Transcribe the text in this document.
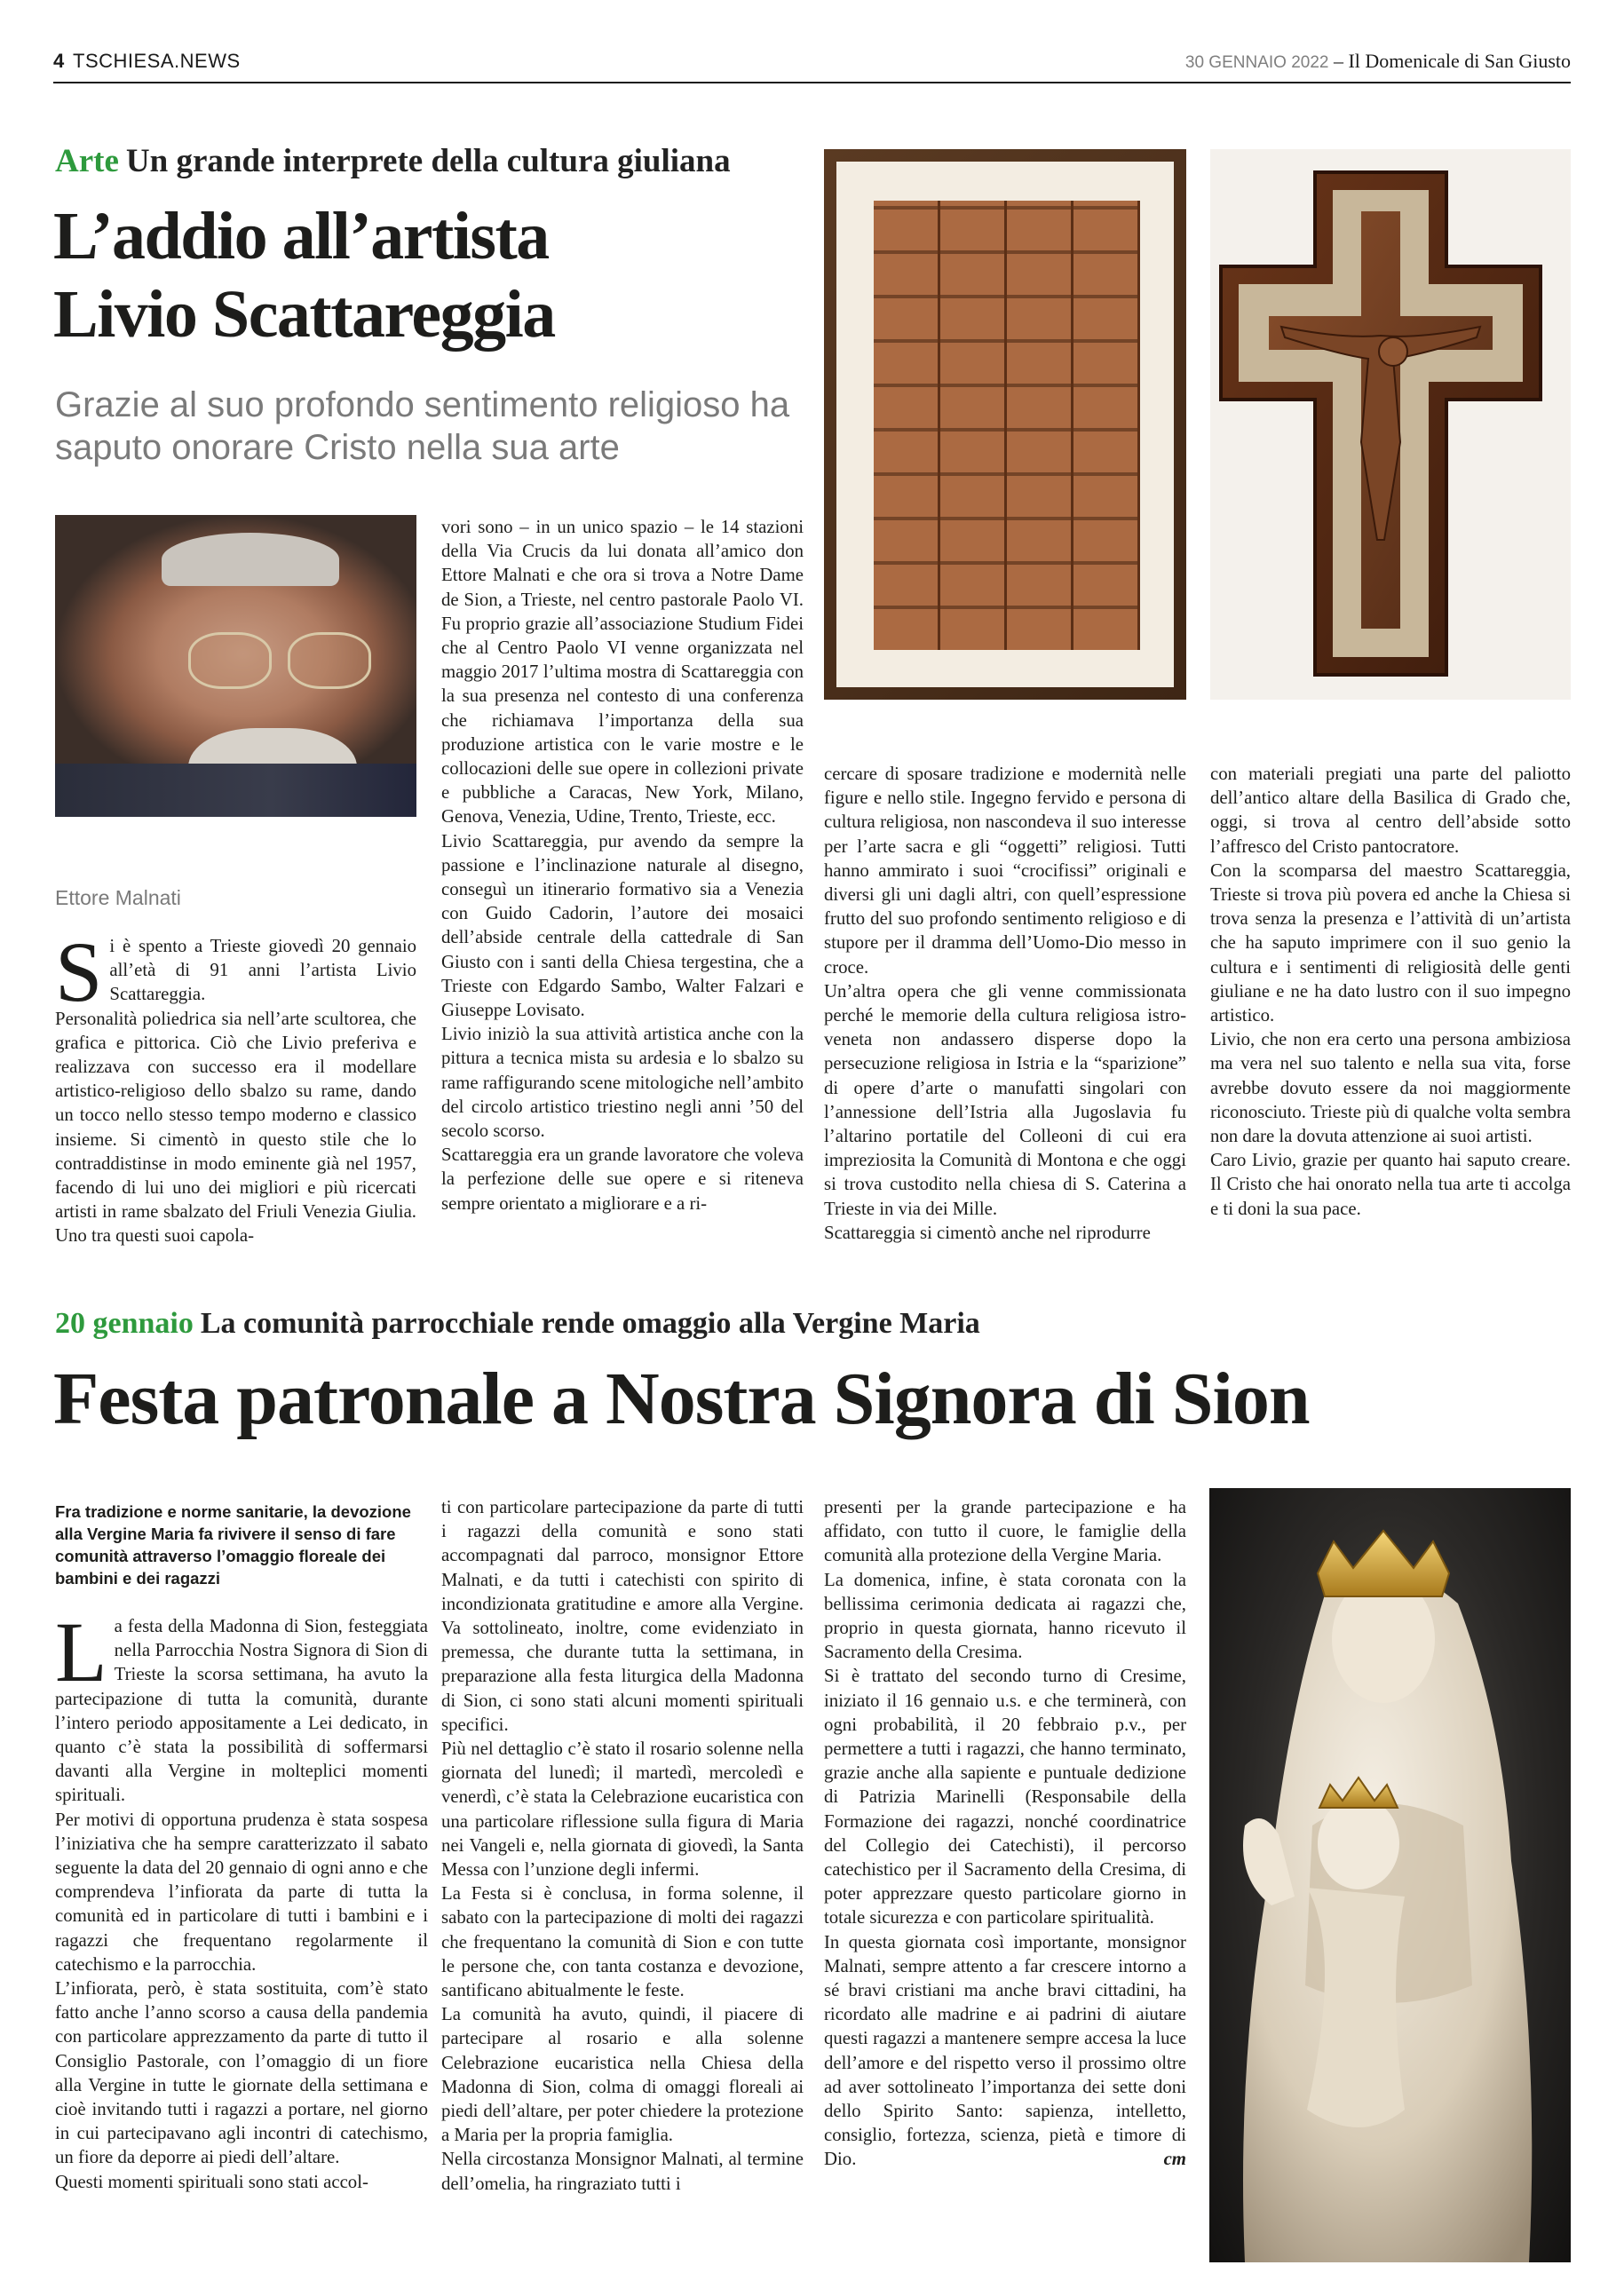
4 TSCHIESA.NEWS	30 GENNAIO 2022 – Il Domenicale di San Giusto
Arte Un grande interprete della cultura giuliana
L’addio all’artista
Livio Scattareggia
Grazie al suo profondo sentimento religioso ha saputo onorare Cristo nella sua arte
Ettore Malnati

Si è spento a Trieste giovedì 20 gennaio all’età di 91 anni l’artista Livio Scattareggia.

Personalità poliedrica sia nell’arte scultorea, che grafica e pittorica. Ciò che Livio preferiva e realizzava con successo era il modellare artistico-religioso dello sbalzo su rame, dando un tocco nello stesso tempo moderno e classico insieme. Si cimentò in questo stile che lo contraddistinse in modo eminente già nel 1957, facendo di lui uno dei migliori e più ricercati artisti in rame sbalzato del Friuli Venezia Giulia. Uno tra questi suoi capola-

vori sono – in un unico spazio – le 14 stazioni della Via Crucis da lui donata all’amico don Ettore Malnati e che ora si trova a Notre Dame de Sion, a Trieste, nel centro pastorale Paolo VI. Fu proprio grazie all’associazione Studium Fidei che al Centro Paolo VI venne organizzata nel maggio 2017 l’ultima mostra di Scattareggia con la sua presenza nel contesto di una conferenza che richiamava l’importanza della sua produzione artistica con le varie mostre e le collocazioni delle sue opere in collezioni private e pubbliche a Caracas, New York, Milano, Genova, Venezia, Udine, Trento, Trieste, ecc.

Livio Scattareggia, pur avendo da sempre la passione e l’inclinazione naturale al disegno, conseguì un itinerario formativo sia a Venezia con Guido Cadorin, l’autore dei mosaici dell’abside centrale della cattedrale di San Giusto con i santi della Chiesa tergestina, che a Trieste con Edgardo Sambo, Walter Falzari e Giuseppe Lovisato.

Livio iniziò la sua attività artistica anche con la pittura a tecnica mista su ardesia e lo sbalzo su rame raffigurando scene mitologiche nell’ambito del circolo artistico triestino negli anni ’50 del secolo scorso.

Scattareggia era un grande lavoratore che voleva la perfezione delle sue opere e si riteneva sempre orientato a migliorare e a ri-

cercare di sposare tradizione e modernità nelle figure e nello stile. Ingegno fervido e persona di cultura religiosa, non nascondeva il suo interesse per l’arte sacra e gli “oggetti” religiosi. Tutti hanno ammirato i suoi “crocifissi” originali e diversi gli uni dagli altri, con quell’espressione frutto del suo profondo sentimento religioso e di stupore per il dramma dell’Uomo-Dio messo in croce.

Un’altra opera che gli venne commissionata perché le memorie della cultura religiosa istro-veneta non andassero disperse dopo la persecuzione religiosa in Istria e la “sparizione” di opere d’arte o manufatti singolari con l’annessione dell’Istria alla Jugoslavia fu l’altarino portatile del Colleoni di cui era impreziosita la Comunità di Montona e che oggi si trova custodito nella chiesa di S. Caterina a Trieste in via dei Mille.

Scattareggia si cimentò anche nel riprodurre

con materiali pregiati una parte del paliotto dell’antico altare della Basilica di Grado che, oggi, si trova al centro dell’abside sotto l’affresco del Cristo pantocratore.

Con la scomparsa del maestro Scattareggia, Trieste si trova più povera ed anche la Chiesa si trova senza la presenza e l’attività di un’artista che ha saputo imprimere con il suo genio la cultura e i sentimenti di religiosità delle genti giuliane e ne ha dato lustro con il suo impegno artistico.

Livio, che non era certo una persona ambiziosa ma vera nel suo talento e nella sua vita, forse avrebbe dovuto essere da noi maggiormente riconosciuto. Trieste più di qualche volta sembra non dare la dovuta attenzione ai suoi artisti.

Caro Livio, grazie per quanto hai saputo creare. Il Cristo che hai onorato nella tua arte ti accolga e ti doni la sua pace.

20 gennaio La comunità parrocchiale rende omaggio alla Vergine Maria
Festa patronale a Nostra Signora di Sion
Fra tradizione e norme sanitarie, la devozione alla Vergine Maria fa rivivere il senso di fare comunità attraverso l’omaggio floreale dei bambini e dei ragazzi

La festa della Madonna di Sion, festeggiata nella Parrocchia Nostra Signora di Sion di Trieste la scorsa settimana, ha avuto la partecipazione di tutta la comunità, durante l’intero periodo appositamente a Lei dedicato, in quanto c’è stata la possibilità di soffermarsi davanti alla Vergine in molteplici momenti spirituali.

Per motivi di opportuna prudenza è stata sospesa l’iniziativa che ha sempre caratterizzato il sabato seguente la data del 20 gennaio di ogni anno e che comprendeva l’infiorata da parte di tutta la comunità ed in particolare di tutti i bambini e i ragazzi che frequentano regolarmente il catechismo e la parrocchia.

L’infiorata, però, è stata sostituita, com’è stato fatto anche l’anno scorso a causa della pandemia con particolare apprezzamento da parte di tutto il Consiglio Pastorale, con l’omaggio di un fiore alla Vergine in tutte le giornate della settimana e cioè invitando tutti i ragazzi a portare, nel giorno in cui partecipavano agli incontri di catechismo, un fiore da deporre ai piedi dell’altare.

Questi momenti spirituali sono stati accol-

ti con particolare partecipazione da parte di tutti i ragazzi della comunità e sono stati accompagnati dal parroco, monsignor Ettore Malnati, e da tutti i catechisti con spirito di incondizionata gratitudine e amore alla Vergine. Va sottolineato, inoltre, come evidenziato in premessa, che durante tutta la settimana, in preparazione alla festa liturgica della Madonna di Sion, ci sono stati alcuni momenti spirituali specifici.

Più nel dettaglio c’è stato il rosario solenne nella giornata del lunedì; il martedì, mercoledì e venerdì, c’è stata la Celebrazione eucaristica con una particolare riflessione sulla figura di Maria nei Vangeli e, nella giornata di giovedì, la Santa Messa con l’unzione degli infermi.

La Festa si è conclusa, in forma solenne, il sabato con la partecipazione di molti dei ragazzi che frequentano la comunità di Sion e con tutte le persone che, con tanta costanza e devozione, santificano abitualmente le feste.

La comunità ha avuto, quindi, il piacere di partecipare al rosario e alla solenne Celebrazione eucaristica nella Chiesa della Madonna di Sion, colma di omaggi floreali ai piedi dell’altare, per poter chiedere la protezione a Maria per la propria famiglia.

Nella circostanza Monsignor Malnati, al termine dell’omelia, ha ringraziato tutti i

presenti per la grande partecipazione e ha affidato, con tutto il cuore, le famiglie della comunità alla protezione della Vergine Maria.

La domenica, infine, è stata coronata con la bellissima cerimonia dedicata ai ragazzi che, proprio in questa giornata, hanno ricevuto il Sacramento della Cresima.

Si è trattato del secondo turno di Cresime, iniziato il 16 gennaio u.s. e che terminerà, con ogni probabilità, il 20 febbraio p.v., per permettere a tutti i ragazzi, che hanno terminato, grazie anche alla sapiente e puntuale dedizione di Patrizia Marinelli (Responsabile della Formazione dei ragazzi, nonché coordinatrice del Collegio dei Catechisti), il percorso catechistico per il Sacramento della Cresima, di poter apprezzare questo particolare giorno in totale sicurezza e con particolare spiritualità.

In questa giornata così importante, monsignor Malnati, sempre attento a far crescere intorno a sé bravi cristiani ma anche bravi cittadini, ha ricordato alle madrine e ai padrini di aiutare questi ragazzi a mantenere sempre accesa la luce dell’amore e del rispetto verso il prossimo oltre ad aver sottolineato l’importanza dei sette doni dello Spirito Santo: sapienza, intelletto, consiglio, fortezza, scienza, pietà e timore di Dio.	cm
